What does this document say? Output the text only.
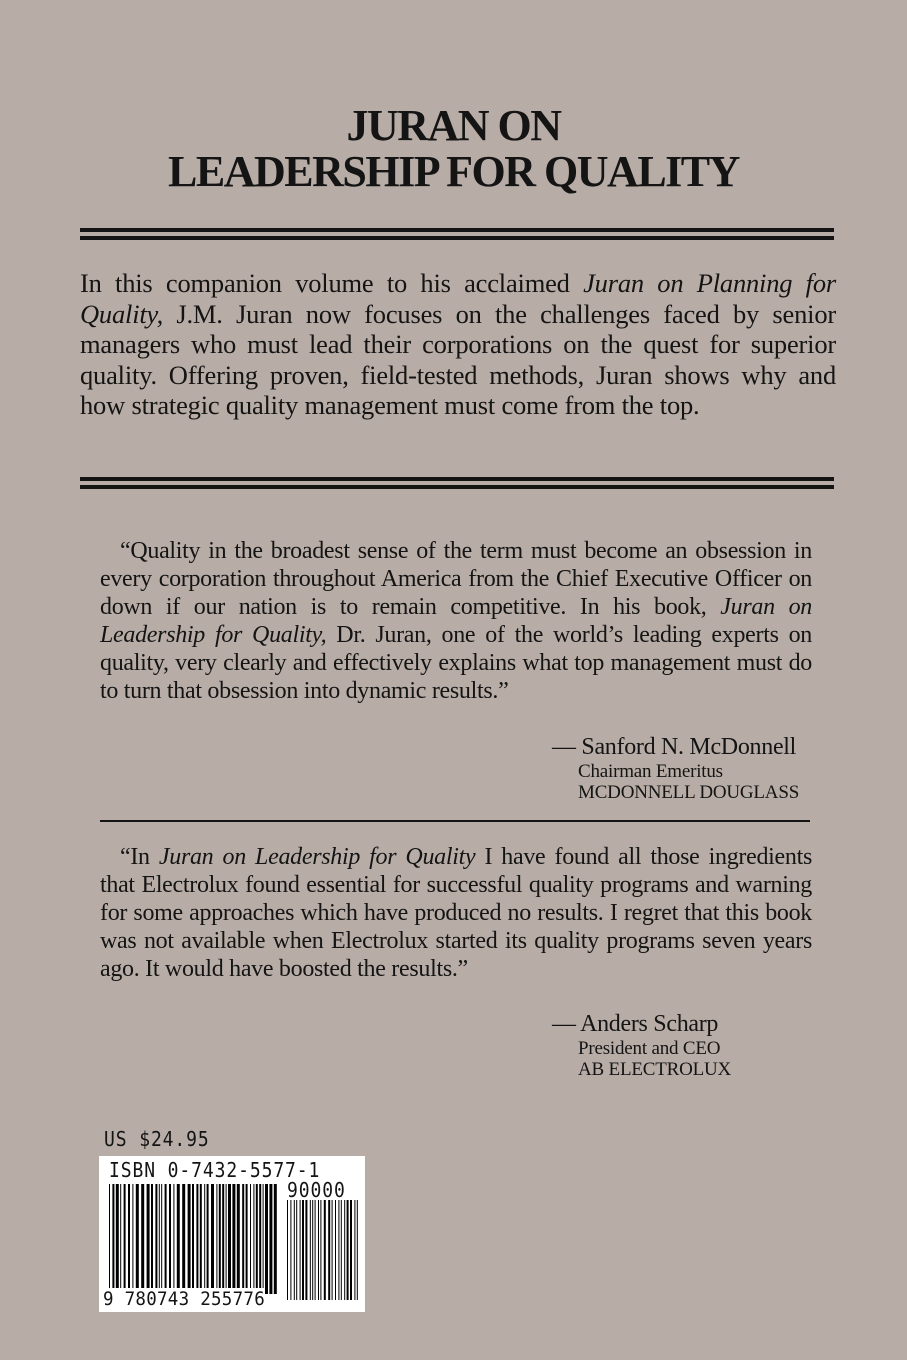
JURAN ON
LEADERSHIP FOR QUALITY
In this companion volume to his acclaimed Juran on Planning for Quality, J.M. Juran now focuses on the challenges faced by senior managers who must lead their corporations on the quest for superior quality. Offering proven, field-tested methods, Juran shows why and how strategic quality management must come from the top.

“Quality in the broadest sense of the term must become an obsession in every corporation throughout America from the Chief Executive Officer on down if our nation is to remain competitive. In his book, Juran on Leadership for Quality, Dr. Juran, one of the world’s leading experts on quality, very clearly and effectively explains what top management must do to turn that obsession into dynamic results.”

— Sanford N. McDonnell
Chairman Emeritus
MCDONNELL DOUGLASS

“In Juran on Leadership for Quality I have found all those ingredients that Electrolux found essential for successful quality programs and warning for some approaches which have produced no results. I regret that this book was not available when Electrolux started its quality programs seven years ago. It would have boosted the results.”

— Anders Scharp
President and CEO
AB ELECTROLUX
US $24.95
ISBN 0-7432-5577-1
90000
9 780743 255776
